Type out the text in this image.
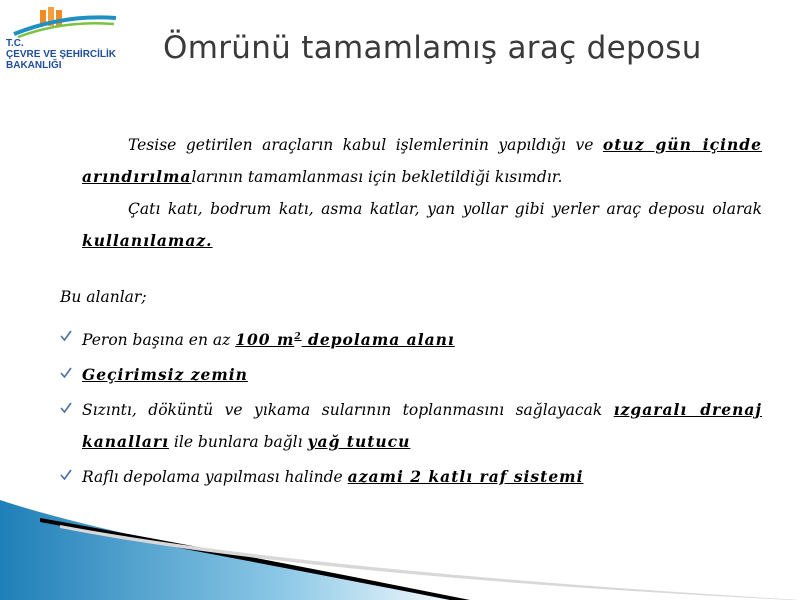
T.C.
ÇEVRE VE ŞEHİRCİLİK
BAKANLIĞI	Ömrünü tamamlamış araç deposu
Tesise getirilen araçların kabul işlemlerinin yapıldığı ve otuz gün içinde arındırılmalarının tamamlanması için bekletildiği kısımdır.
Çatı katı, bodrum katı, asma katlar, yan yollar gibi yerler araç deposu olarak kullanılamaz.
Bu alanlar;
Peron başına en az 100 $m^2$ depolama alanı
Geçirimsiz zemin
Sızıntı, döküntü ve yıkama sularının toplanmasını sağlayacak ızgaralı drenaj kanalları ile bunlara bağlı yağ tutucu
Raflı depolama yapılması halinde azami 2 katlı raf sistemi
